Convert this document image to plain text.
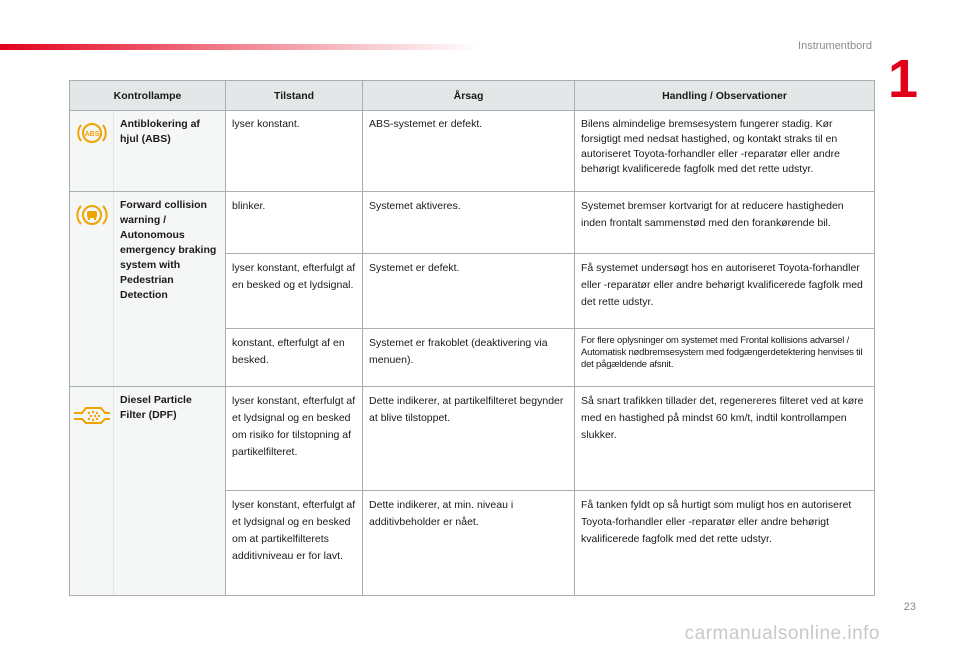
Instrumentbord
1
Kontrollampe		Tilstand	Årsag	Handling / Observationer

ABS	Antiblokering af hjul (ABS)	lyser konstant.	ABS-systemet er defekt.	Bilens almindelige bremsesystem fungerer stadig. Kør forsigtigt med nedsat hastighed, og kontakt straks til en autoriseret Toyota-forhandler eller -reparatør eller andre behørigt kvalificerede fagfolk med det rette udstyr.
	Forward collision warning / Autonomous emergency braking system with Pedestrian Detection	blinker.	Systemet aktiveres.	Systemet bremser kortvarigt for at reducere hastigheden inden frontalt sammenstød med den forankørende bil.
		lyser konstant, efterfulgt af en besked og et lydsignal.	Systemet er defekt.	Få systemet undersøgt hos en autoriseret Toyota-forhandler eller -reparatør eller andre behørigt kvalificerede fagfolk med det rette udstyr.
		konstant, efterfulgt af en besked.	Systemet er frakoblet (deaktivering via menuen).	For flere oplysninger om systemet med Frontal kollisions advarsel / Automatisk nødbremsesystem med fodgængerdetektering henvises til det pågældende afsnit.
	Diesel Particle Filter (DPF)	lyser konstant, efterfulgt af et lydsignal og en besked om risiko for tilstopning af partikelfilteret.	Dette indikerer, at partikelfilteret begynder at blive tilstoppet.	Så snart trafikken tillader det, regenereres filteret ved at køre med en hastighed på mindst 60 km/t, indtil kontrollampen slukker.
		lyser konstant, efterfulgt af et lydsignal og en besked om at partikelfilterets additivniveau er for lavt.	Dette indikerer, at min. niveau i additivbeholder er nået.	Få tanken fyldt op så hurtigt som muligt hos en autoriseret Toyota-forhandler eller -reparatør eller andre behørigt kvalificerede fagfolk med det rette udstyr.
23
carmanualsonline.info
